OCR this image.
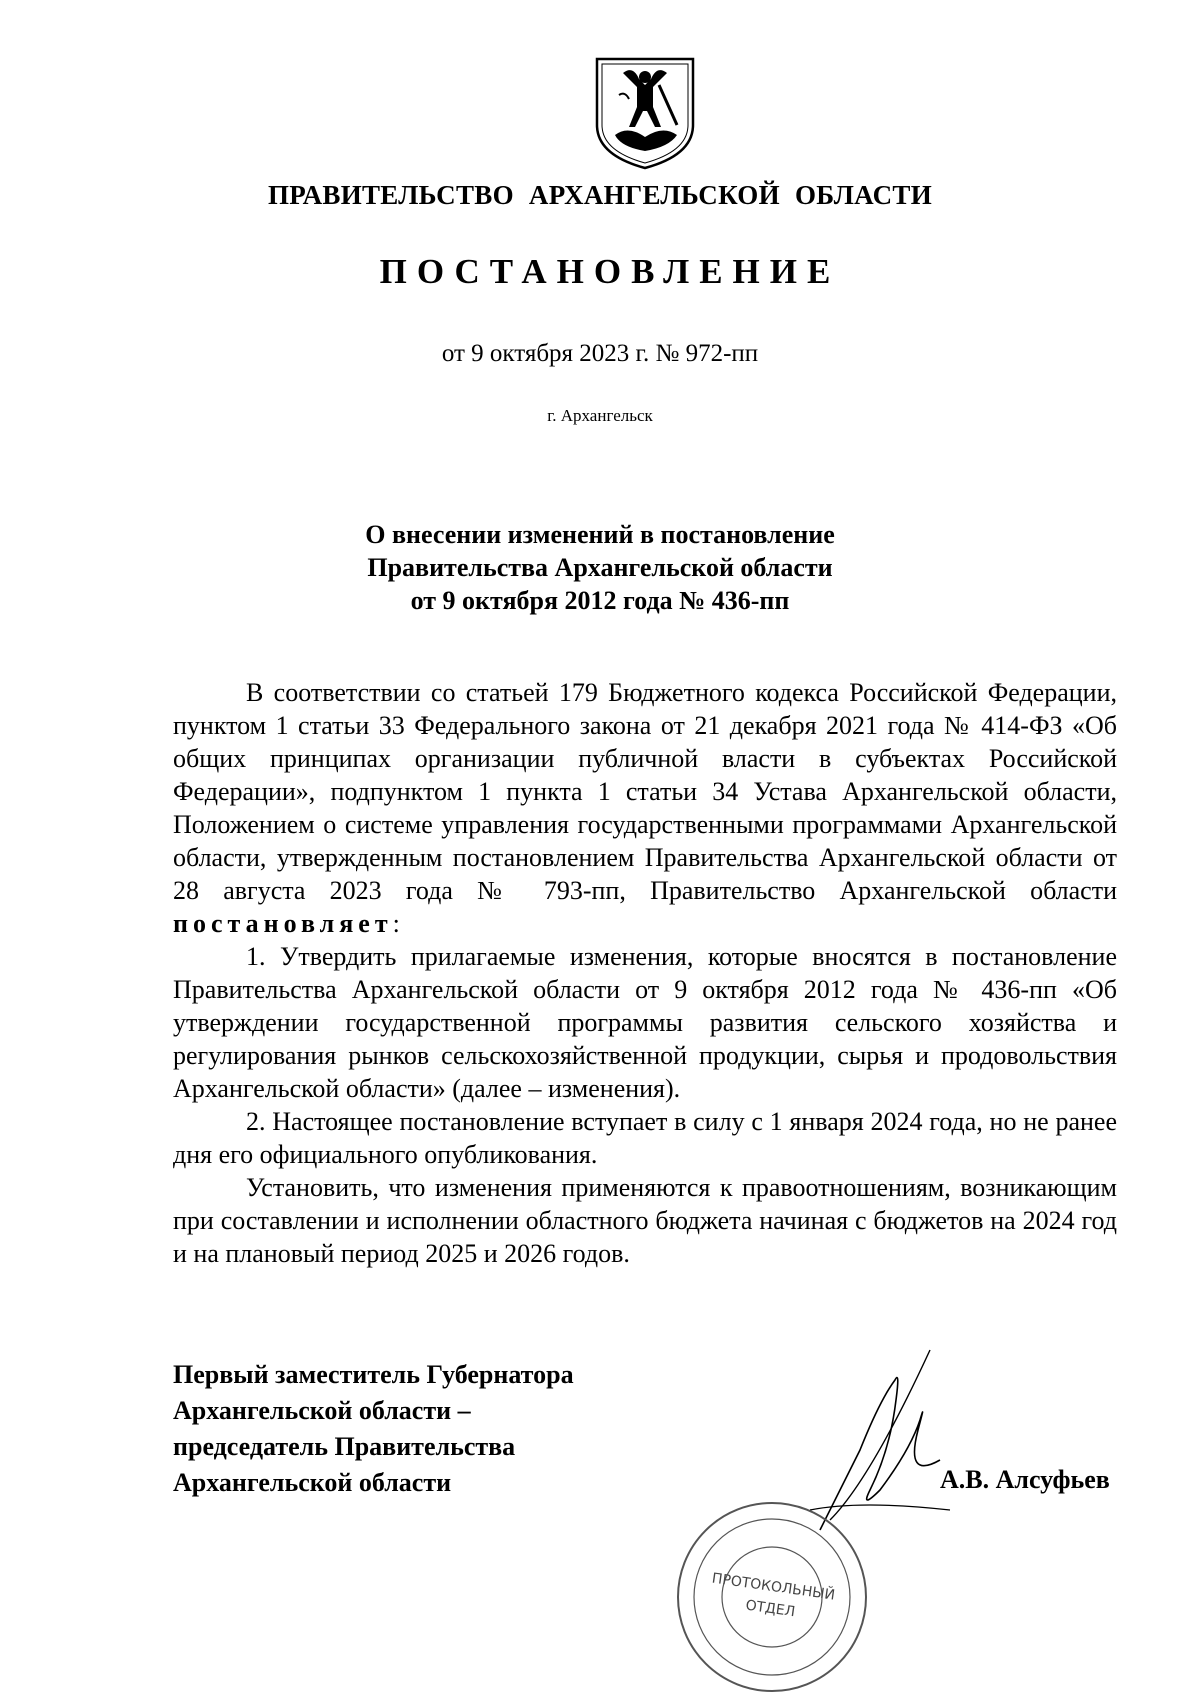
ПРАВИТЕЛЬСТВО АРХАНГЕЛЬСКОЙ ОБЛАСТИ
ПОСТАНОВЛЕНИЕ
от 9 октября 2023 г. № 972-пп
г. Архангельск
О внесении изменений в постановление
Правительства Архангельской области
от 9 октября 2012 года № 436-пп

В соответствии со статьей 179 Бюджетного кодекса Российской Федерации, пунктом 1 статьи 33 Федерального закона от 21 декабря 2021 года № 414-ФЗ «Об общих принципах организации публичной власти в субъектах Российской Федерации», подпунктом 1 пункта 1 статьи 34 Устава Архангельской области, Положением о системе управления государственными программами Архангельской области, утвержденным постановлением Правительства Архангельской области от 28 августа 2023 года № 793-пп, Правительство Архангельской области постановляет:

1. Утвердить прилагаемые изменения, которые вносятся в постановление Правительства Архангельской области от 9 октября 2012 года № 436-пп «Об утверждении государственной программы развития сельского хозяйства и регулирования рынков сельскохозяйственной продукции, сырья и продовольствия Архангельской области» (далее – изменения).

2. Настоящее постановление вступает в силу с 1 января 2024 года, но не ранее дня его официального опубликования.

Установить, что изменения применяются к правоотношениям, возникающим при составлении и исполнении областного бюджета начиная с бюджетов на 2024 год и на плановый период 2025 и 2026 годов.

Первый заместитель Губернатора
Архангельской области –
председатель Правительства
Архангельской области
ПРОТОКОЛЬНЫЙ
ОТДЕЛ
А.В. Алсуфьев
